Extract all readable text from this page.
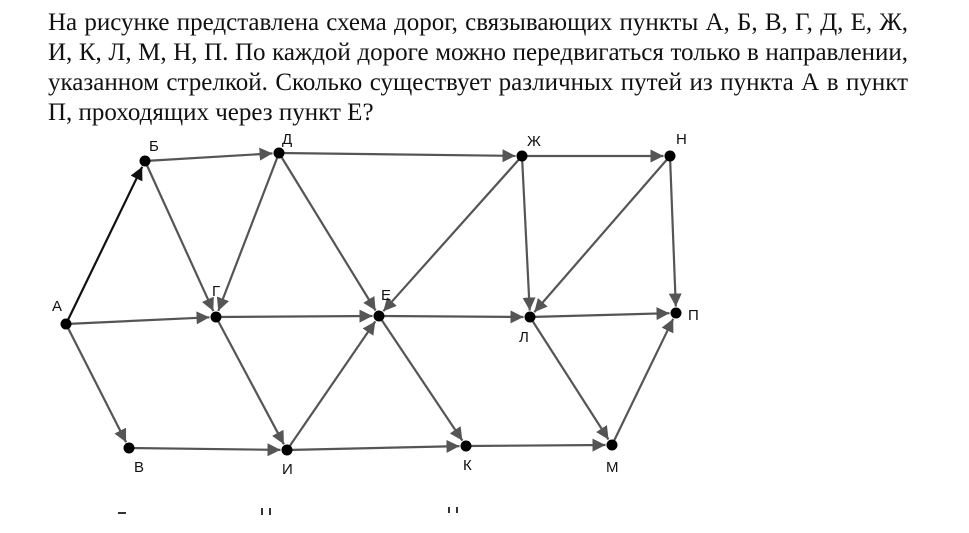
На рисунке представлена схема дорог, связывающих пункты А, Б, В, Г, Д, Е, Ж, И, К, Л, М, Н, П. По каждой дороге можно передвигаться только в направлении, указанном стрелкой. Сколько существует различных путей из пункта А в пункт П, проходящих через пункт Е?
А
Б
В
Г
Д
Е
Ж
И	К
Л
М
Н
П
